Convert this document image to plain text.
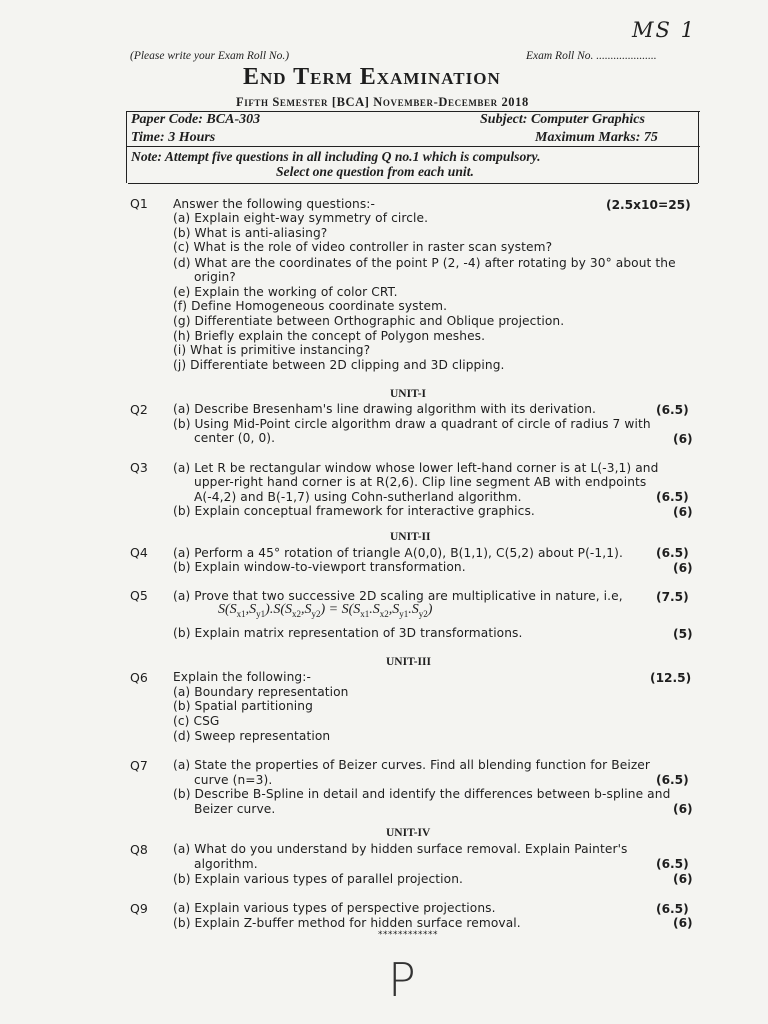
MS 1
(Please write your Exam Roll No.)	Exam Roll No. .....................
End Term Examination
Fifth Semester [BCA] November-December 2018
Paper Code: BCA-303	Subject: Computer Graphics
Time: 3 Hours	Maximum Marks: 75
Note: Attempt five questions in all including Q no.1 which is compulsory.
Select one question from each unit.
Q1 Answer the following questions:-	(2.5x10=25)
(a) Explain eight-way symmetry of circle.
(b) What is anti-aliasing?
(c) What is the role of video controller in raster scan system?
(d) What are the coordinates of the point P (2, -4) after rotating by 30° about the
origin?
(e) Explain the working of color CRT.
(f) Define Homogeneous coordinate system.
(g) Differentiate between Orthographic and Oblique projection.
(h) Briefly explain the concept of Polygon meshes.
(i) What is primitive instancing?
(j) Differentiate between 2D clipping and 3D clipping.
UNIT-I
Q2 (a) Describe Bresenham's line drawing algorithm with its derivation.	(6.5)
(b) Using Mid-Point circle algorithm draw a quadrant of circle of radius 7 with
center (0, 0).	(6)
Q3 (a) Let R be rectangular window whose lower left-hand corner is at L(-3,1) and
upper-right hand corner is at R(2,6). Clip line segment AB with endpoints
A(-4,2) and B(-1,7) using Cohn-sutherland algorithm.	(6.5)
(b) Explain conceptual framework for interactive graphics.	(6)
UNIT-II
Q4 (a) Perform a 45° rotation of triangle A(0,0), B(1,1), C(5,2) about P(-1,1).	(6.5)
(b) Explain window-to-viewport transformation.	(6)
Q5 (a) Prove that two successive 2D scaling are multiplicative in nature, i.e,	(7.5)
$S(S_{x1},S_{y1}).S(S_{x2},S_{y2}) = S(S_{x1}.S_{x2},S_{y1}.S_{y2})$
(b) Explain matrix representation of 3D transformations.	(5)
UNIT-III
Q6 Explain the following:-	(12.5)
(a) Boundary representation
(b) Spatial partitioning
(c) CSG
(d) Sweep representation
Q7 (a) State the properties of Beizer curves. Find all blending function for Beizer
curve (n=3).	(6.5)
(b) Describe B-Spline in detail and identify the differences between b-spline and
Beizer curve.	(6)
UNIT-IV
Q8 (a) What do you understand by hidden surface removal. Explain Painter's
algorithm.	(6.5)
(b) Explain various types of parallel projection.	(6)
Q9 (a) Explain various types of perspective projections.	(6.5)
(b) Explain Z-buffer method for hidden surface removal.	(6)
************
P
